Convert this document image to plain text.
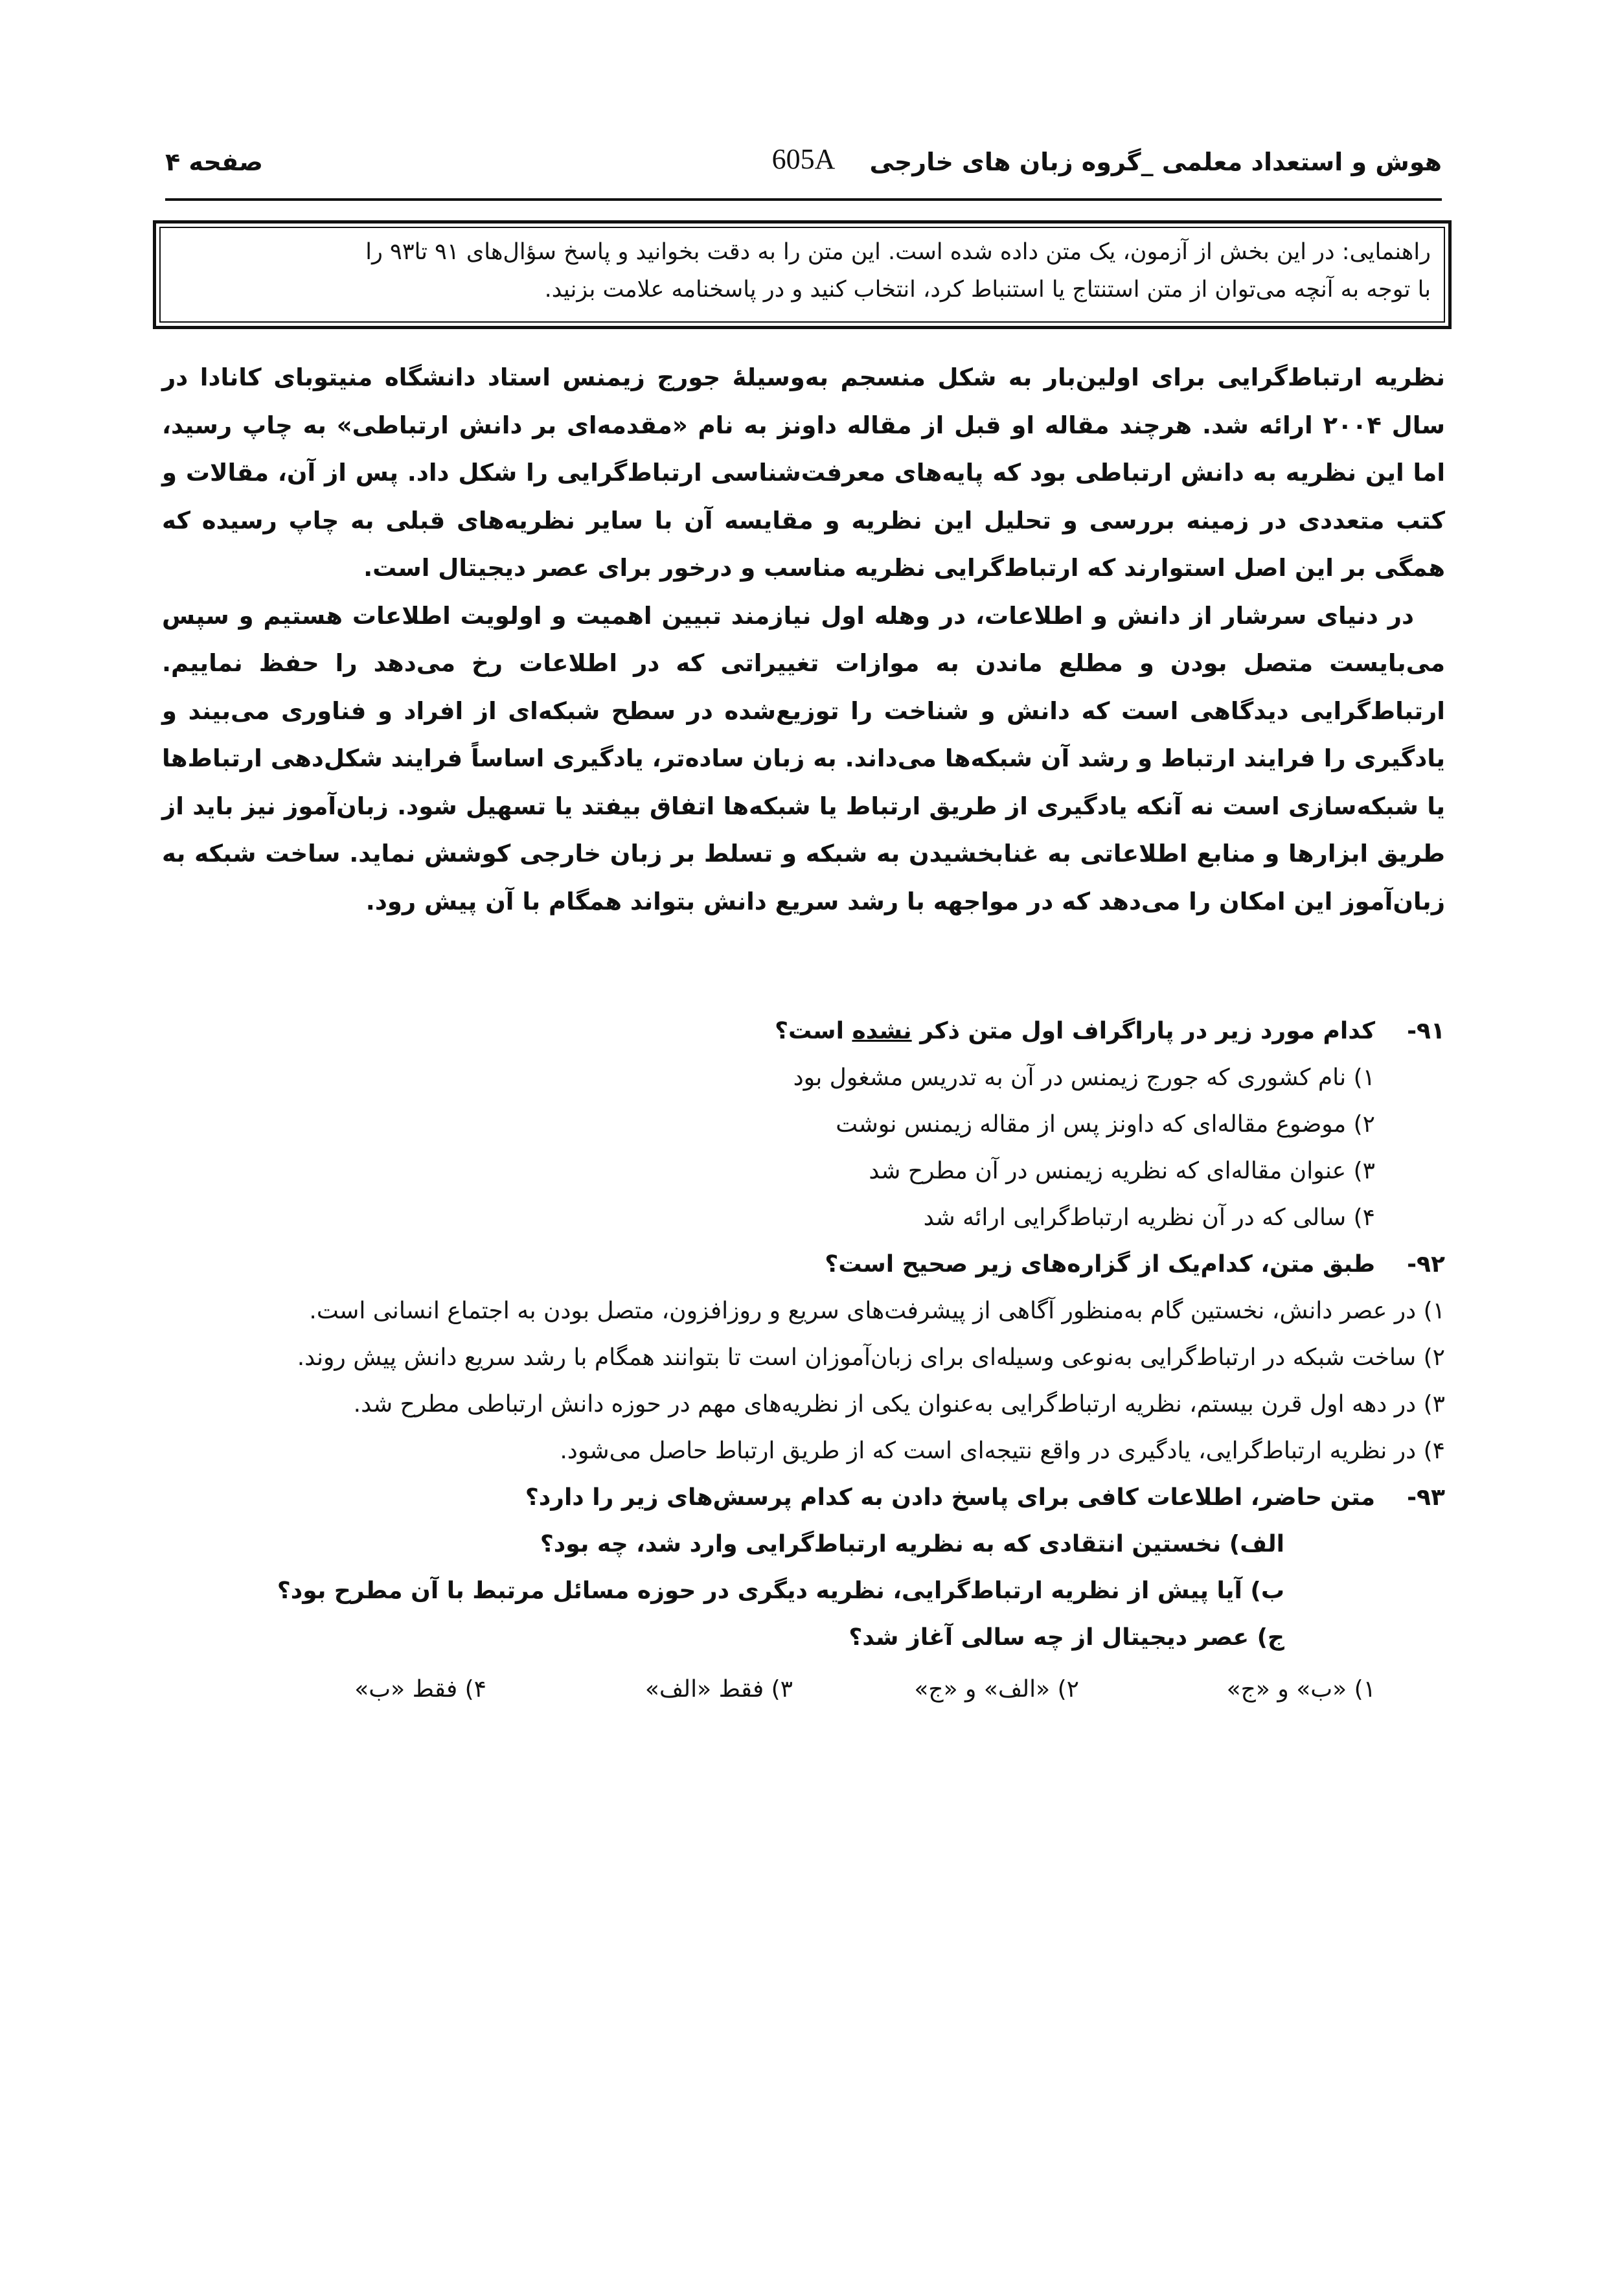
هوش و استعداد معلمی _گروه زبان های خارجی
605A
صفحه ۴
راهنمایی: در این بخش از آزمون، یک متن داده شده است. این متن را به دقت بخوانید و پاسخ سؤال‌های ۹۱ تا۹۳ را
با توجه به آنچه می‌توان از متن استنتاج یا استنباط کرد، انتخاب کنید و در پاسخنامه علامت بزنید.

نظریه ارتباط‌گرایی برای اولین‌بار به شکل منسجم به‌وسیلهٔ جورج زیمنس استاد دانشگاه منیتوبای کانادا در سال ۲۰۰۴ ارائه شد. هرچند مقاله او قبل از مقاله داونز به نام «مقدمه‌ای بر دانش ارتباطی» به چاپ رسید، اما این نظریه به دانش ارتباطی بود که پایه‌های معرفت‌شناسی ارتباط‌گرایی را شکل داد. پس از آن، مقالات و کتب متعددی در زمینه بررسی و تحلیل این نظریه و مقایسه آن با سایر نظریه‌های قبلی به چاپ رسیده که همگی بر این اصل استوارند که ارتباط‌گرایی نظریه مناسب و درخور برای عصر دیجیتال است.

در دنیای سرشار از دانش و اطلاعات، در وهله اول نیازمند تبیین اهمیت و اولویت اطلاعات هستیم و سپس می‌بایست متصل بودن و مطلع ماندن به موازات تغییراتی که در اطلاعات رخ می‌دهد را حفظ نماییم. ارتباط‌گرایی دیدگاهی است که دانش و شناخت را توزیع‌شده در سطح شبکه‌ای از افراد و فناوری می‌بیند و یادگیری را فرایند ارتباط و رشد آن شبکه‌ها می‌داند. به زبان ساده‌تر، یادگیری اساساً فرایند شکل‌دهی ارتباط‌ها یا شبکه‌سازی است نه آنکه یادگیری از طریق ارتباط یا شبکه‌ها اتفاق بیفتد یا تسهیل شود. زبان‌آموز نیز باید از طریق ابزارها و منابع اطلاعاتی به غنابخشیدن به شبکه و تسلط بر زبان خارجی کوشش نماید. ساخت شبکه به زبان‌آموز این امکان را می‌دهد که در مواجهه با رشد سریع دانش بتواند همگام با آن پیش رود.

۹۱-
کدام مورد زیر در پاراگراف اول متن ذکر نشده است؟
۱) نام کشوری که جورج زیمنس در آن به تدریس مشغول بود
۲) موضوع مقاله‌ای که داونز پس از مقاله زیمنس نوشت
۳) عنوان مقاله‌ای که نظریه زیمنس در آن مطرح شد
۴) سالی که در آن نظریه ارتباط‌گرایی ارائه شد
۹۲-
طبق متن، کدام‌یک از گزاره‌های زیر صحیح است؟
۱) در عصر دانش، نخستین گام به‌منظور آگاهی از پیشرفت‌های سریع و روزافزون، متصل بودن به اجتماع انسانی است.
۲) ساخت شبکه در ارتباط‌گرایی به‌نوعی وسیله‌ای برای زبان‌آموزان است تا بتوانند همگام با رشد سریع دانش پیش روند.
۳) در دهه اول قرن بیستم، نظریه ارتباط‌گرایی به‌عنوان یکی از نظریه‌های مهم در حوزه دانش ارتباطی مطرح شد.
۴) در نظریه ارتباط‌گرایی، یادگیری در واقع نتیجه‌ای است که از طریق ارتباط حاصل می‌شود.
۹۳-
متن حاضر، اطلاعات کافی برای پاسخ دادن به کدام پرسش‌های زیر را دارد؟
الف) نخستین انتقادی که به نظریه ارتباط‌گرایی وارد شد، چه بود؟
ب) آیا پیش از نظریه ارتباط‌گرایی، نظریه دیگری در حوزه مسائل مرتبط با آن مطرح بود؟
ج) عصر دیجیتال از چه سالی آغاز شد؟
۱) «ب» و «ج»
۲) «الف» و «ج»
۳) فقط «الف»
۴) فقط «ب»
